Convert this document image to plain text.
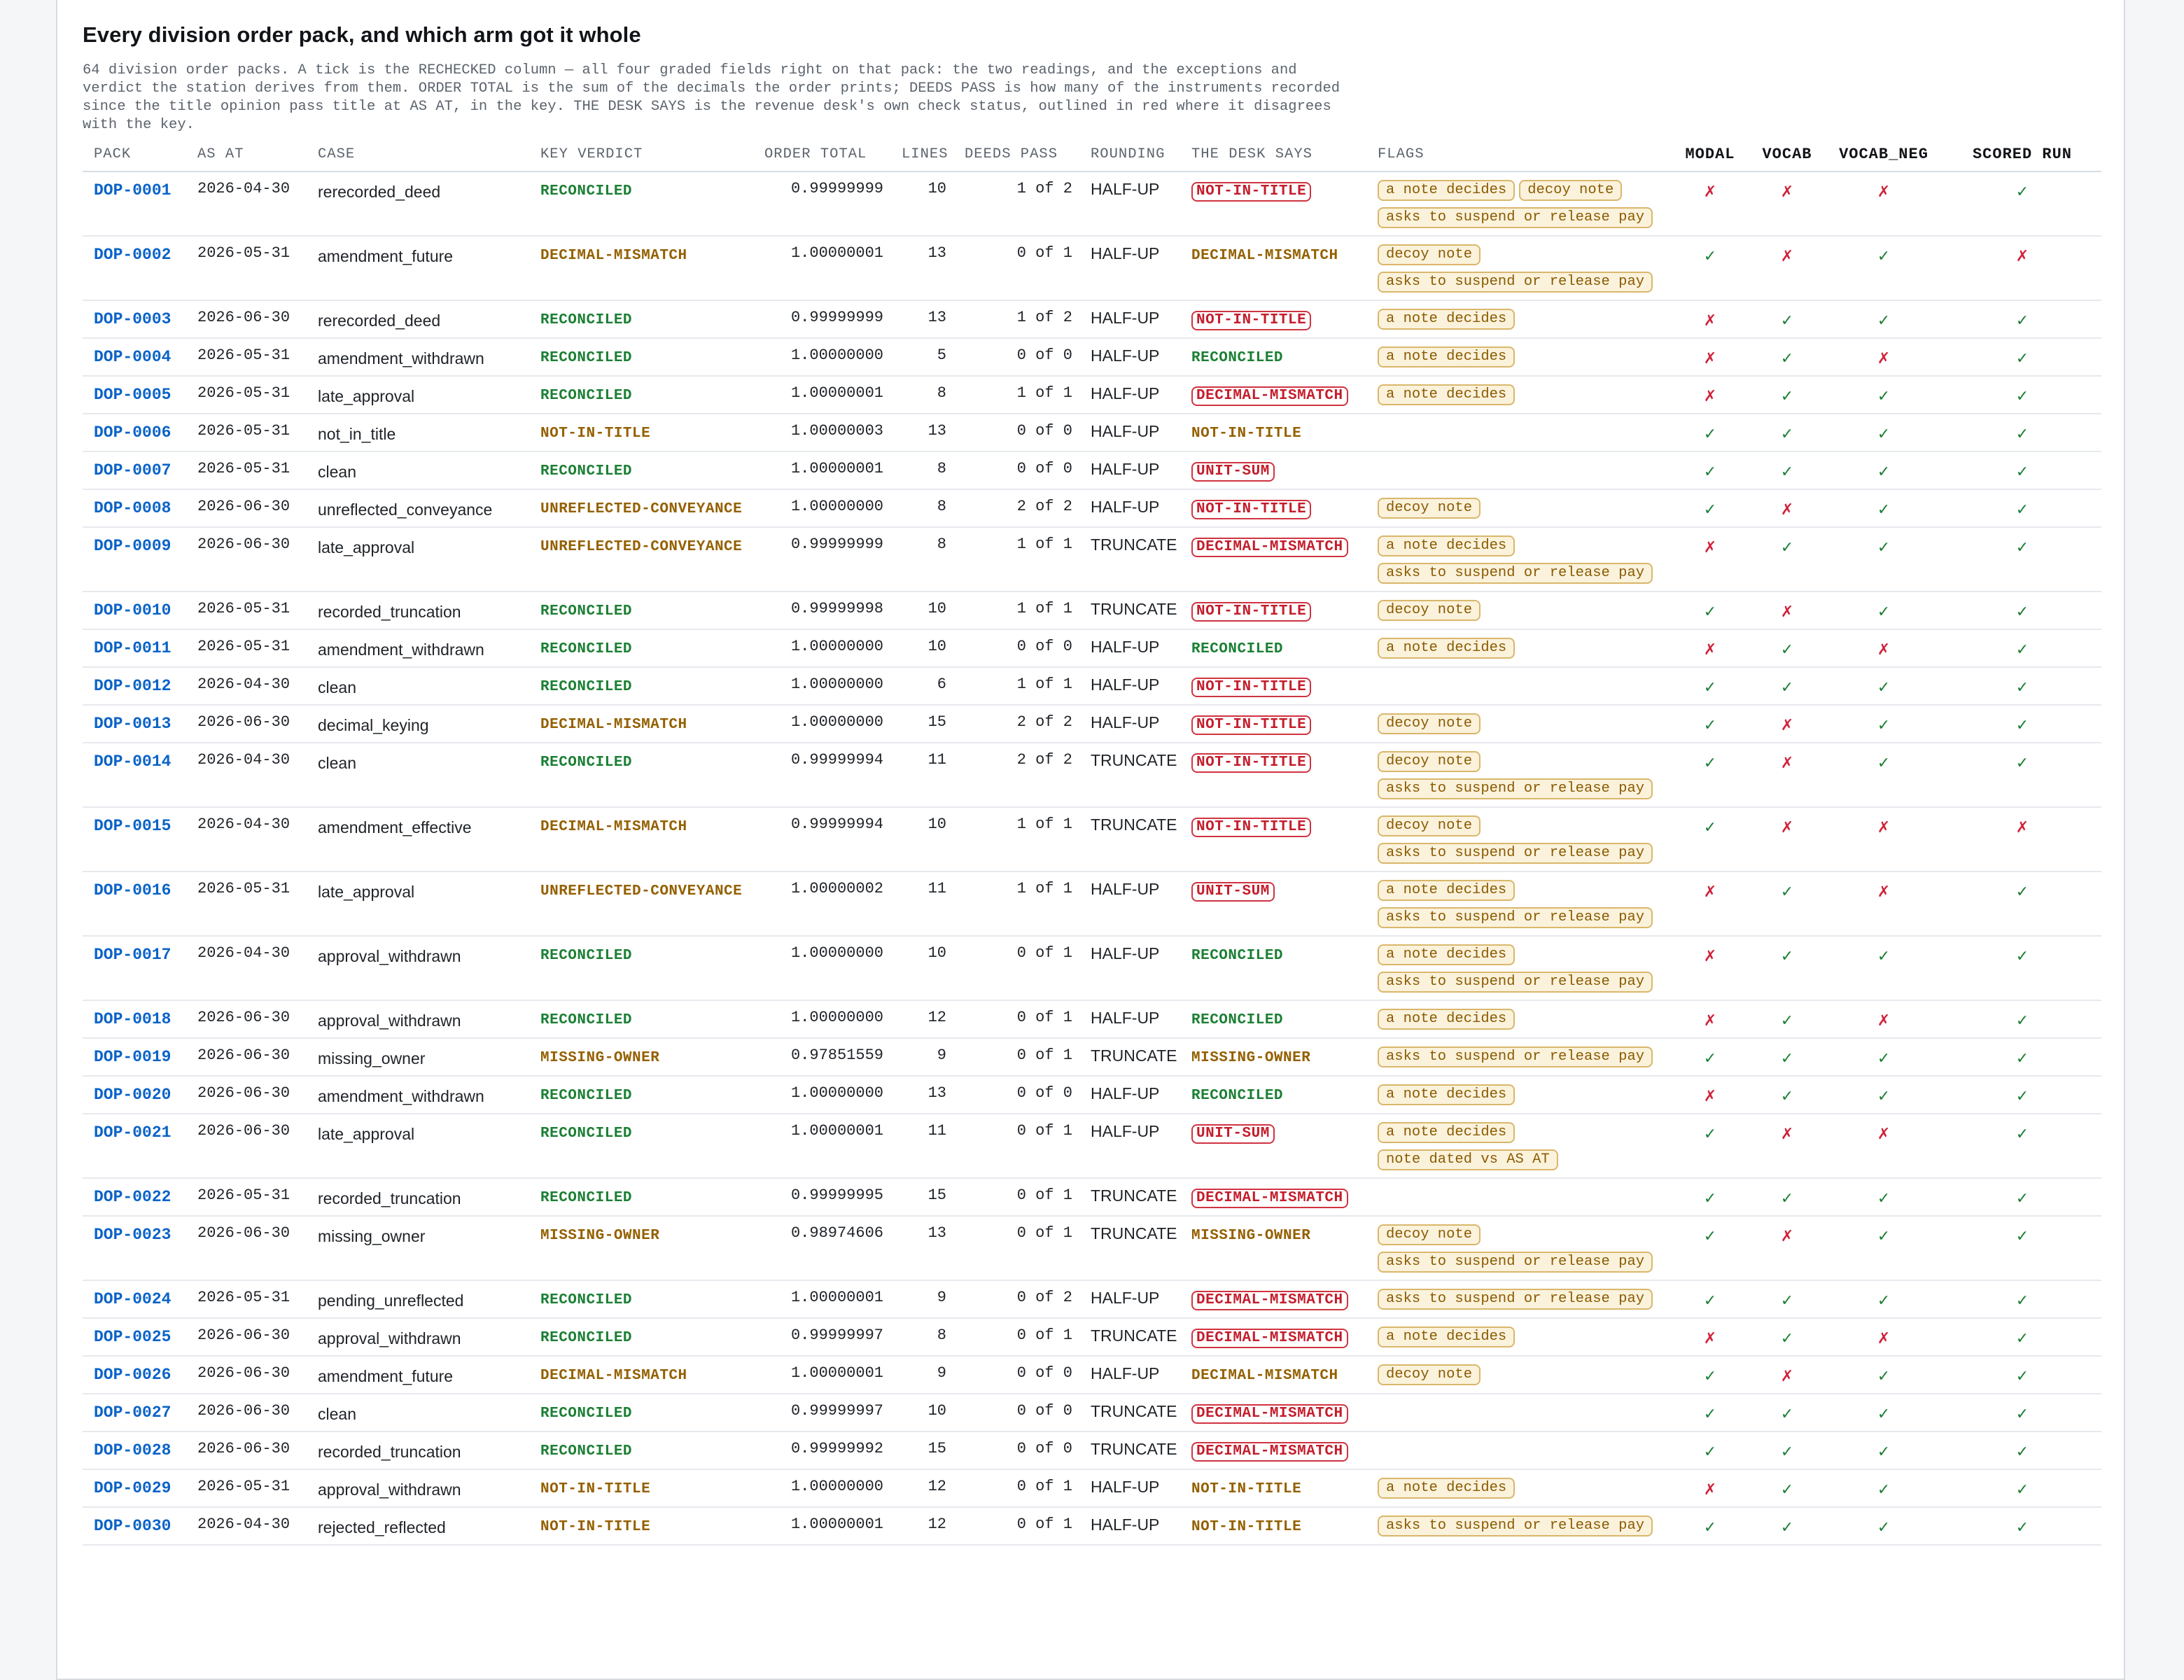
Every division order pack, and which arm got it whole

64 division order packs. A tick is the RECHECKED column — all four graded fields right on that pack: the two readings, and the exceptions and verdict the station derives from them. ORDER TOTAL is the sum of the decimals the order prints; DEEDS PASS is how many of the instruments recorded since the title opinion pass title at AS AT, in the key. THE DESK SAYS is the revenue desk's own check status, outlined in red where it disagrees with the key.

PACK	AS AT	CASE	KEY VERDICT	ORDER TOTAL	LINES	DEEDS PASS	ROUNDING	THE DESK SAYS	FLAGS	MODAL	VOCAB	VOCAB_NEG	SCORED RUN
DOP-0001	2026-04-30	rerecorded_deed	RECONCILED	0.99999999	10	1 of 2	HALF-UP	NOT-IN-TITLE	a note decides decoy noteasks to suspend or release pay	✗	✗	✗	✓
DOP-0002	2026-05-31	amendment_future	DECIMAL-MISMATCH	1.00000001	13	0 of 1	HALF-UP	DECIMAL-MISMATCH	decoy noteasks to suspend or release pay	✓	✗	✓	✗
DOP-0003	2026-06-30	rerecorded_deed	RECONCILED	0.99999999	13	1 of 2	HALF-UP	NOT-IN-TITLE	a note decides	✗	✓	✓	✓
DOP-0004	2026-05-31	amendment_withdrawn	RECONCILED	1.00000000	5	0 of 0	HALF-UP	RECONCILED	a note decides	✗	✓	✗	✓
DOP-0005	2026-05-31	late_approval	RECONCILED	1.00000001	8	1 of 1	HALF-UP	DECIMAL-MISMATCH	a note decides	✗	✓	✓	✓
DOP-0006	2026-05-31	not_in_title	NOT-IN-TITLE	1.00000003	13	0 of 0	HALF-UP	NOT-IN-TITLE		✓	✓	✓	✓
DOP-0007	2026-05-31	clean	RECONCILED	1.00000001	8	0 of 0	HALF-UP	UNIT-SUM		✓	✓	✓	✓
DOP-0008	2026-06-30	unreflected_conveyance	UNREFLECTED-CONVEYANCE	1.00000000	8	2 of 2	HALF-UP	NOT-IN-TITLE	decoy note	✓	✗	✓	✓
DOP-0009	2026-06-30	late_approval	UNREFLECTED-CONVEYANCE	0.99999999	8	1 of 1	TRUNCATE	DECIMAL-MISMATCH	a note decidesasks to suspend or release pay	✗	✓	✓	✓
DOP-0010	2026-05-31	recorded_truncation	RECONCILED	0.99999998	10	1 of 1	TRUNCATE	NOT-IN-TITLE	decoy note	✓	✗	✓	✓
DOP-0011	2026-05-31	amendment_withdrawn	RECONCILED	1.00000000	10	0 of 0	HALF-UP	RECONCILED	a note decides	✗	✓	✗	✓
DOP-0012	2026-04-30	clean	RECONCILED	1.00000000	6	1 of 1	HALF-UP	NOT-IN-TITLE		✓	✓	✓	✓
DOP-0013	2026-06-30	decimal_keying	DECIMAL-MISMATCH	1.00000000	15	2 of 2	HALF-UP	NOT-IN-TITLE	decoy note	✓	✗	✓	✓
DOP-0014	2026-04-30	clean	RECONCILED	0.99999994	11	2 of 2	TRUNCATE	NOT-IN-TITLE	decoy noteasks to suspend or release pay	✓	✗	✓	✓
DOP-0015	2026-04-30	amendment_effective	DECIMAL-MISMATCH	0.99999994	10	1 of 1	TRUNCATE	NOT-IN-TITLE	decoy noteasks to suspend or release pay	✓	✗	✗	✗
DOP-0016	2026-05-31	late_approval	UNREFLECTED-CONVEYANCE	1.00000002	11	1 of 1	HALF-UP	UNIT-SUM	a note decidesasks to suspend or release pay	✗	✓	✗	✓
DOP-0017	2026-04-30	approval_withdrawn	RECONCILED	1.00000000	10	0 of 1	HALF-UP	RECONCILED	a note decidesasks to suspend or release pay	✗	✓	✓	✓
DOP-0018	2026-06-30	approval_withdrawn	RECONCILED	1.00000000	12	0 of 1	HALF-UP	RECONCILED	a note decides	✗	✓	✗	✓
DOP-0019	2026-06-30	missing_owner	MISSING-OWNER	0.97851559	9	0 of 1	TRUNCATE	MISSING-OWNER	asks to suspend or release pay	✓	✓	✓	✓
DOP-0020	2026-06-30	amendment_withdrawn	RECONCILED	1.00000000	13	0 of 0	HALF-UP	RECONCILED	a note decides	✗	✓	✓	✓
DOP-0021	2026-06-30	late_approval	RECONCILED	1.00000001	11	0 of 1	HALF-UP	UNIT-SUM	a note decidesnote dated vs AS AT	✓	✗	✗	✓
DOP-0022	2026-05-31	recorded_truncation	RECONCILED	0.99999995	15	0 of 1	TRUNCATE	DECIMAL-MISMATCH		✓	✓	✓	✓
DOP-0023	2026-06-30	missing_owner	MISSING-OWNER	0.98974606	13	0 of 1	TRUNCATE	MISSING-OWNER	decoy noteasks to suspend or release pay	✓	✗	✓	✓
DOP-0024	2026-05-31	pending_unreflected	RECONCILED	1.00000001	9	0 of 2	HALF-UP	DECIMAL-MISMATCH	asks to suspend or release pay	✓	✓	✓	✓
DOP-0025	2026-06-30	approval_withdrawn	RECONCILED	0.99999997	8	0 of 1	TRUNCATE	DECIMAL-MISMATCH	a note decides	✗	✓	✗	✓
DOP-0026	2026-06-30	amendment_future	DECIMAL-MISMATCH	1.00000001	9	0 of 0	HALF-UP	DECIMAL-MISMATCH	decoy note	✓	✗	✓	✓
DOP-0027	2026-06-30	clean	RECONCILED	0.99999997	10	0 of 0	TRUNCATE	DECIMAL-MISMATCH		✓	✓	✓	✓
DOP-0028	2026-06-30	recorded_truncation	RECONCILED	0.99999992	15	0 of 0	TRUNCATE	DECIMAL-MISMATCH		✓	✓	✓	✓
DOP-0029	2026-05-31	approval_withdrawn	NOT-IN-TITLE	1.00000000	12	0 of 1	HALF-UP	NOT-IN-TITLE	a note decides	✗	✓	✓	✓
DOP-0030	2026-04-30	rejected_reflected	NOT-IN-TITLE	1.00000001	12	0 of 1	HALF-UP	NOT-IN-TITLE	asks to suspend or release pay	✓	✓	✓	✓
